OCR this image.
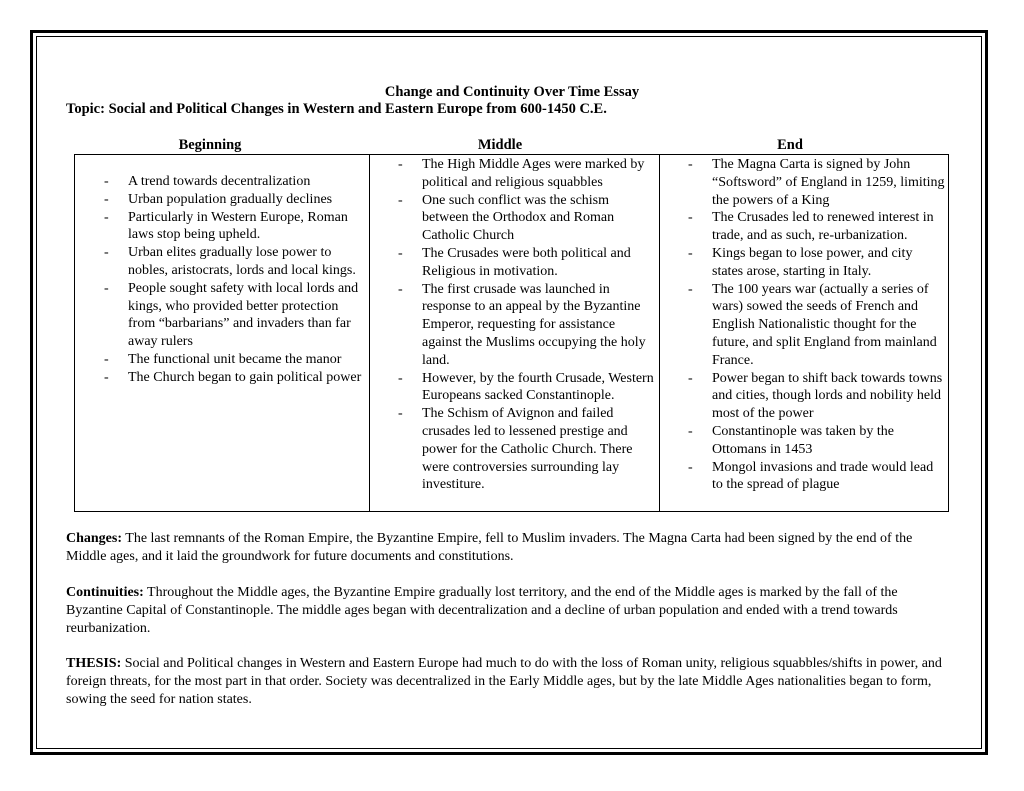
Change and Continuity Over Time Essay
Topic: Social and Political Changes in Western and Eastern Europe from 600-1450 C.E.
Beginning	Middle	End
- A trend towards decentralization
- Urban population gradually declines
- Particularly in Western Europe, Roman laws stop being upheld.
- Urban elites gradually lose power to nobles, aristocrats, lords and local kings.
- People sought safety with local lords and kings, who provided better protection from “barbarians” and invaders than far away rulers
- The functional unit became the manor
- The Church began to gain political power
- The High Middle Ages were marked by political and religious squabbles
- One such conflict was the schism between the Orthodox and Roman Catholic Church
- The Crusades were both political and Religious in motivation.
- The first crusade was launched in response to an appeal by the Byzantine Emperor, requesting for assistance against the Muslims occupying the holy land.
- However, by the fourth Crusade, Western Europeans sacked Constantinople.
- The Schism of Avignon and failed crusades led to lessened prestige and power for the Catholic Church. There were controversies surrounding lay investiture.
- The Magna Carta is signed by John “Softsword” of England in 1259, limiting the powers of a King
- The Crusades led to renewed interest in trade, and as such, re-urbanization.
- Kings began to lose power, and city states arose, starting in Italy.
- The 100 years war (actually a series of wars) sowed the seeds of French and English Nationalistic thought for the future, and split England from mainland France.
- Power began to shift back towards towns and cities, though lords and nobility held most of the power
- Constantinople was taken by the Ottomans in 1453
- Mongol invasions and trade would lead to the spread of plague
Changes: The last remnants of the Roman Empire, the Byzantine Empire, fell to Muslim invaders. The Magna Carta had been signed by the end of the Middle ages, and it laid the groundwork for future documents and constitutions.
Continuities: Throughout the Middle ages, the Byzantine Empire gradually lost territory, and the end of the Middle ages is marked by the fall of the Byzantine Capital of Constantinople. The middle ages began with decentralization and a decline of urban population and ended with a trend towards reurbanization.
THESIS: Social and Political changes in Western and Eastern Europe had much to do with the loss of Roman unity, religious squabbles/shifts in power, and foreign threats, for the most part in that order. Society was decentralized in the Early Middle ages, but by the late Middle Ages nationalities began to form, sowing the seed for nation states.
